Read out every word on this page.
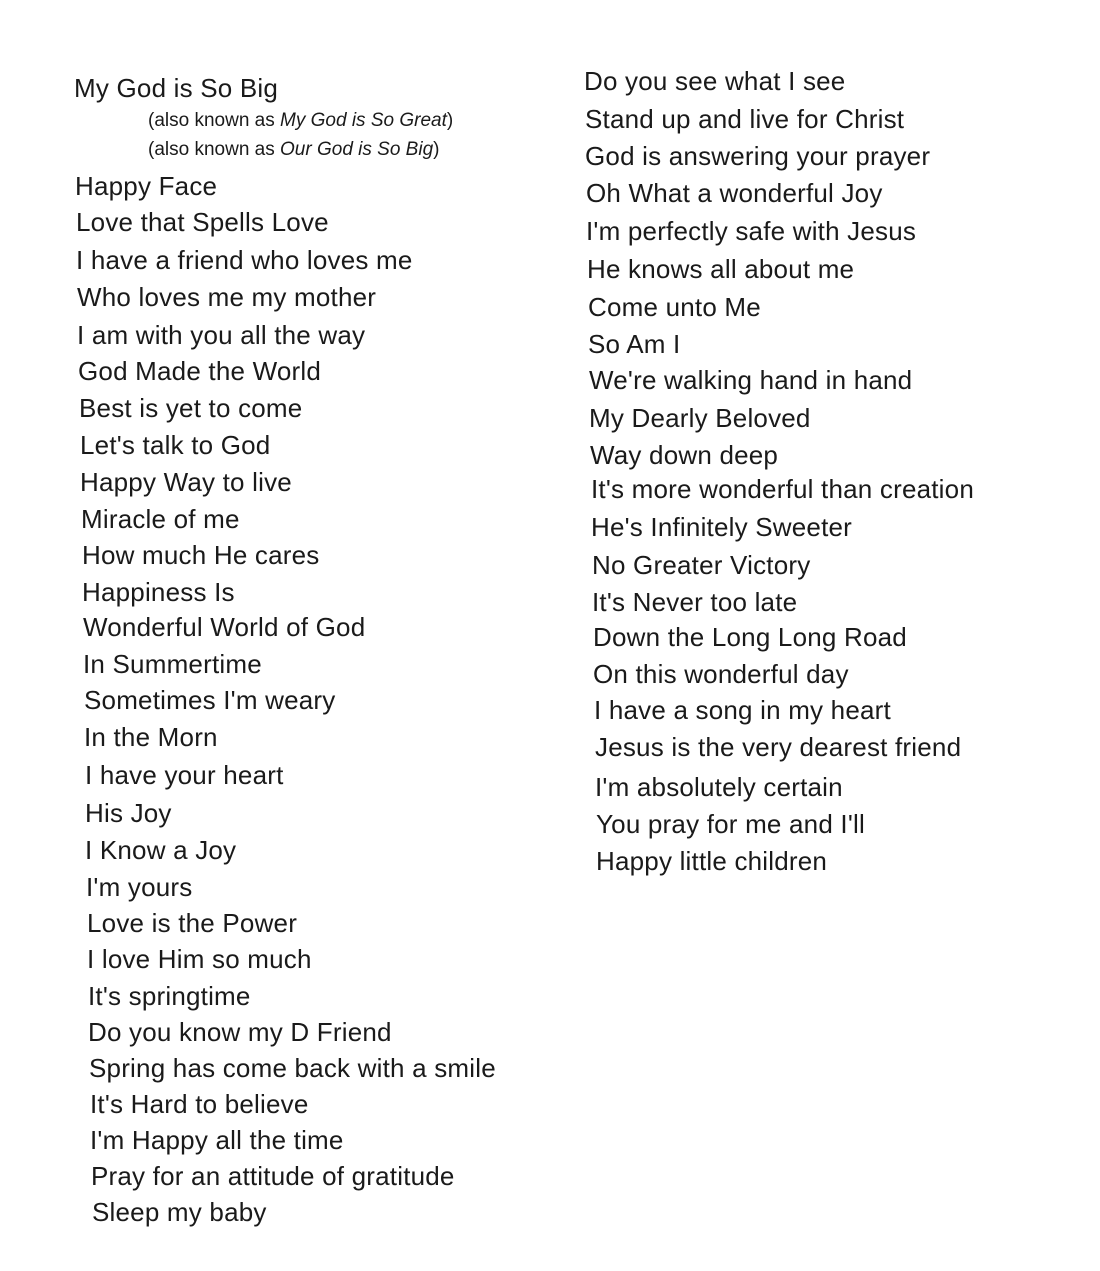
My God is So Big
(also known as My God is So Great)
(also known as Our God is So Big)
Happy Face
Love that Spells Love
I have a friend who loves me
Who loves me my mother
I am with you all the way
God Made the World
Best is yet to come
Let's talk to God
Happy Way to live
Miracle of me
How much He cares
Happiness Is
Wonderful World of God
In Summertime
Sometimes I'm weary
In the Morn
I have your heart
His Joy
I Know a Joy
I'm yours
Love is the Power
I love Him so much
It's springtime
Do you know my D Friend
Spring has come back with a smile
It's Hard to believe
I'm Happy all the time
Pray for an attitude of gratitude
Sleep my baby
Do you see what I see
Stand up and live for Christ
God is answering your prayer
Oh What a wonderful Joy
I'm perfectly safe with Jesus
He knows all about me
Come unto Me
So Am I
We're walking hand in hand
My Dearly Beloved
Way down deep
It's more wonderful than creation
He's Infinitely Sweeter
No Greater Victory
It's Never too late
Down the Long Long Road
On this wonderful day
I have a song in my heart
Jesus is the very dearest friend
I'm absolutely certain
You pray for me and I'll
Happy little children
